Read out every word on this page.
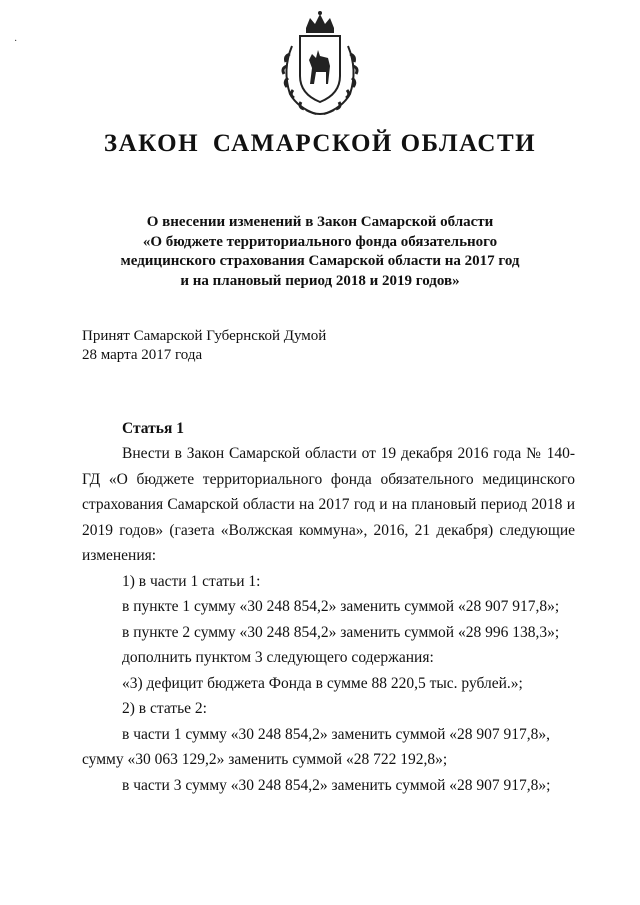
·
ЗАКОН САМАРСКОЙ ОБЛАСТИ
О внесении изменений в Закон Самарской области
«О бюджете территориального фонда обязательного
медицинского страхования Самарской области на 2017 год
и на плановый период 2018 и 2019 годов»
Принят Самарской Губернской Думой
28 марта 2017 года

Статья 1

Внести в Закон Самарской области от 19 декабря 2016 года № 140-ГД «О бюджете территориального фонда обязательного медицинского страхования Самарской области на 2017 год и на плановый период 2018 и 2019 годов» (газета «Волжская коммуна», 2016, 21 декабря) следующие изменения:

1) в части 1 статьи 1:

в пункте 1 сумму «30 248 854,2» заменить суммой «28 907 917,8»;

в пункте 2 сумму «30 248 854,2» заменить суммой «28 996 138,3»;

дополнить пунктом 3 следующего содержания:

«3) дефицит бюджета Фонда в сумме 88 220,5 тыс. рублей.»;

2) в статье 2:

в части 1 сумму «30 248 854,2» заменить суммой «28 907 917,8»,

сумму «30 063 129,2» заменить суммой «28 722 192,8»;

в части 3 сумму «30 248 854,2» заменить суммой «28 907 917,8»;
